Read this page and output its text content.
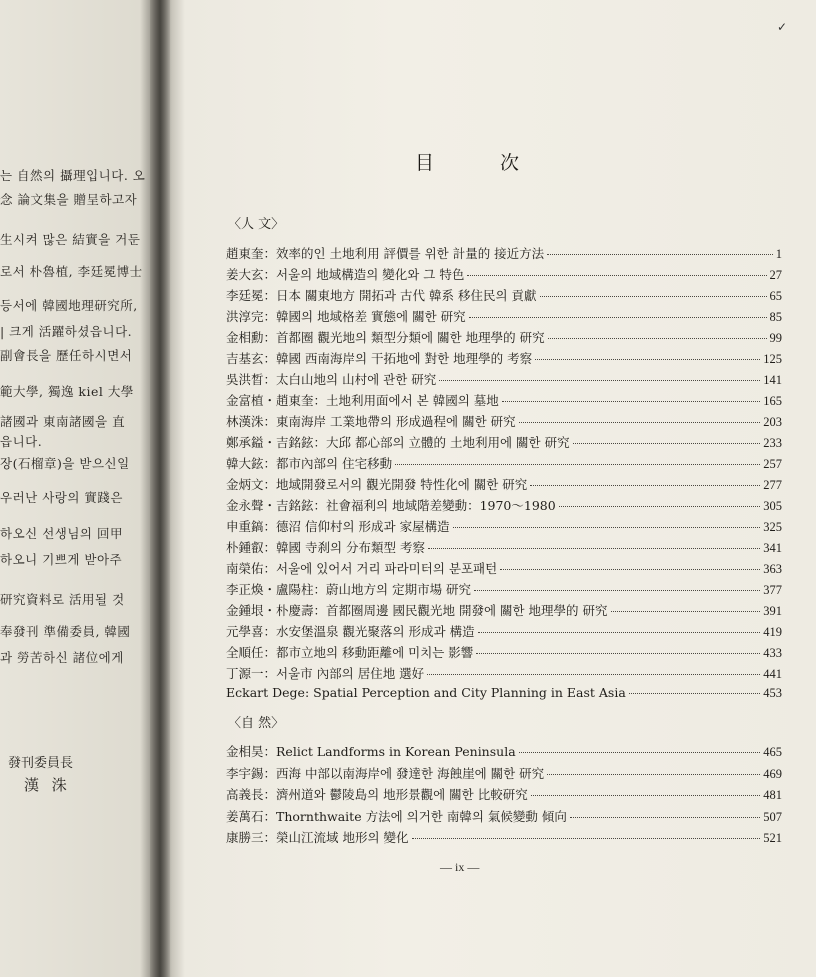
는 自然의 攝理입니다. 오
念 論文集을 贈呈하고자
生시켜 많은 結實을 거둔
로서 朴魯植, 李廷冕博士
등서에 韓國地理研究所,
| 크게 活躍하셨읍니다.
副會長을 歷任하시면서
範大學, 獨逸 kiel 大學
諸國과 東南諸國을 直
읍니다.
장(石榴章)을 받으신일
우러난 사랑의 實踐은
하오신 선생님의 回甲
하오니 기쁘게 받아주
研究資料로 活用될 것
奉發刊 準備委員, 韓國
과 勞苦하신 諸位에게
發刊委員長
漢 洙
✓
目 次
〈人 文〉
趙東奎： 效率的인 土地利用 評價를 위한 計量的 接近方法	1
姜大玄： 서울의 地域構造의 變化와 그 特色	27
李廷冕： 日本 關東地方 開拓과 古代 韓系 移住民의 貢獻	65
洪淳完： 韓國의 地域格差 實態에 關한 研究	85
金相勳： 首都圈 觀光地의 類型分類에 關한 地理學的 研究	99
吉基玄： 韓國 西南海岸의 干拓地에 對한 地理學的 考察	125
吳洪晳： 太白山地의 山村에 관한 研究	141
金富植・趙東奎： 土地利用面에서 본 韓國의 墓地	165
林漢洙： 東南海岸 工業地帶의 形成過程에 關한 研究	203
鄭承鎰・吉銘鉉： 大邱 都心部의 立體的 土地利用에 關한 研究	233
韓大鉉： 都市內部의 住宅移動	257
金炳文： 地域開發로서의 觀光開發 特性化에 關한 研究	277
金永聲・吉銘鉉： 社會福利의 地域階差變動：1970～1980	305
申重鎬： 德沼 信仰村의 形成과 家屋構造	325
朴鍾叡： 韓國 寺刹의 分布類型 考察	341
南榮佑： 서울에 있어서 거리 파라미터의 분포패턴	363
李正煥・盧陽柱： 蔚山地方의 定期市場 研究	377
金鍾垠・朴慶壽： 首都圈周邊 國民觀光地 開發에 關한 地理學的 研究	391
元學喜： 水安堡溫泉 觀光聚落의 形成과 構造	419
全順任： 都市立地의 移動距離에 미치는 影響	433
丁源一： 서울市 內部의 居住地 選好	441
Eckart Dege: Spatial Perception and City Planning in East Asia	453
〈自 然〉
金相昊： Relict Landforms in Korean Peninsula	465
李宇錫： 西海 中部以南海岸에 發達한 海蝕崖에 關한 研究	469
高義長： 濟州道와 鬱陵島의 地形景觀에 關한 比較研究	481
姜萬石： Thornthwaite 方法에 의거한 南韓의 氣候變動 傾向	507
康勝三： 榮山江流域 地形의 變化	521
— ix —
